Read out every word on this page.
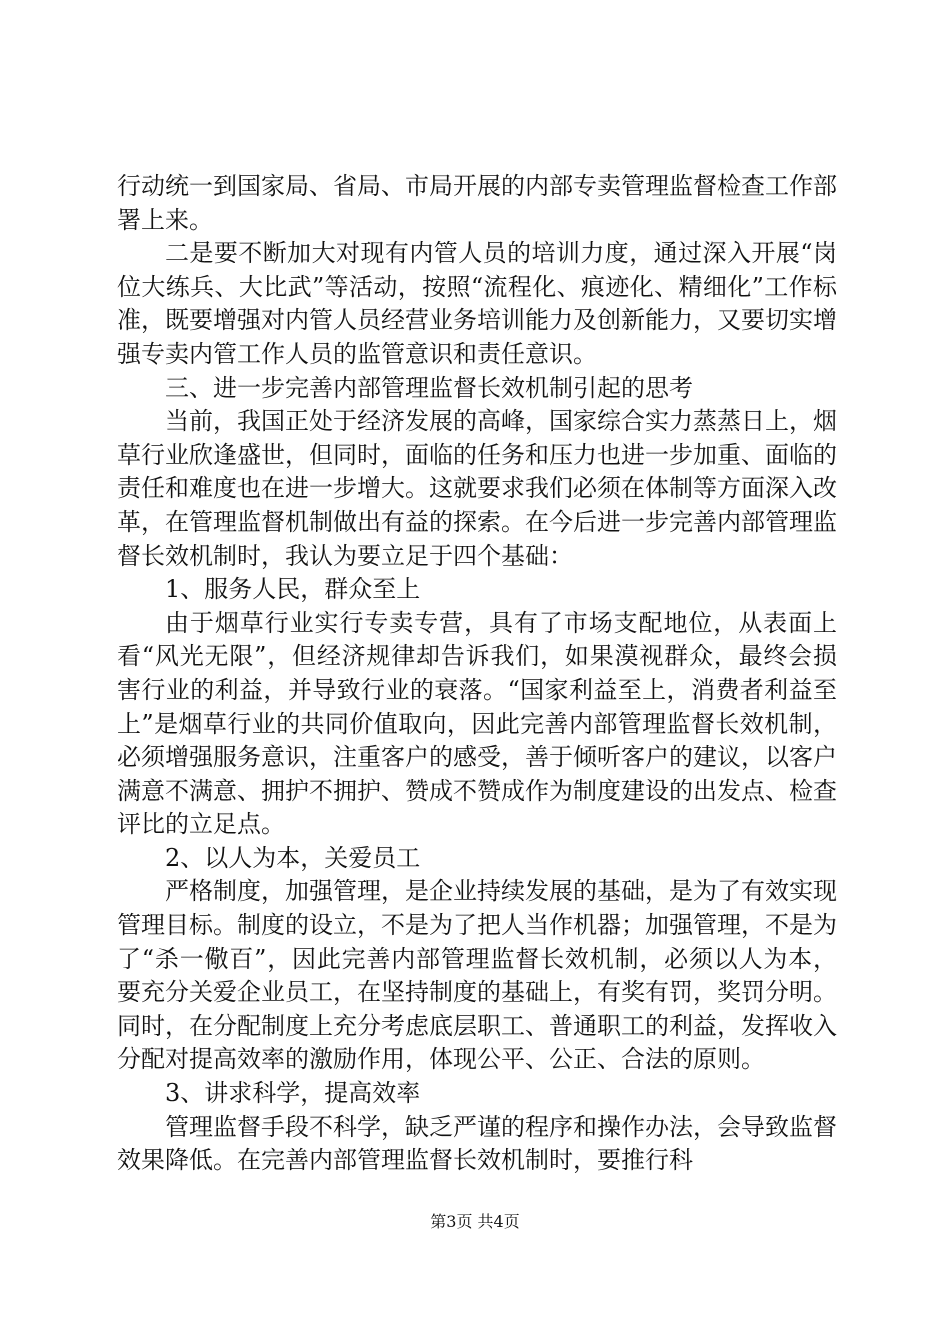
行动统一到国家局、省局、市局开展的内部专卖管理监督检查工作部署上来。

二是要不断加大对现有内管人员的培训力度，通过深入开展“岗位大练兵、大比武”等活动，按照“流程化、痕迹化、精细化”工作标准，既要增强对内管人员经营业务培训能力及创新能力，又要切实增强专卖内管工作人员的监管意识和责任意识。

三、进一步完善内部管理监督长效机制引起的思考

当前，我国正处于经济发展的高峰，国家综合实力蒸蒸日上，烟草行业欣逢盛世，但同时，面临的任务和压力也进一步加重、面临的责任和难度也在进一步增大。这就要求我们必须在体制等方面深入改革，在管理监督机制做出有益的探索。在今后进一步完善内部管理监督长效机制时，我认为要立足于四个基础：

1、服务人民，群众至上

由于烟草行业实行专卖专营，具有了市场支配地位，从表面上看“风光无限”，但经济规律却告诉我们，如果漠视群众，最终会损害行业的利益，并导致行业的衰落。“国家利益至上，消费者利益至上”是烟草行业的共同价值取向，因此完善内部管理监督长效机制，必须增强服务意识，注重客户的感受，善于倾听客户的建议，以客户满意不满意、拥护不拥护、赞成不赞成作为制度建设的出发点、检查评比的立足点。

2、以人为本，关爱员工

严格制度，加强管理，是企业持续发展的基础，是为了有效实现管理目标。制度的设立，不是为了把人当作机器；加强管理，不是为了“杀一儆百”，因此完善内部管理监督长效机制，必须以人为本，要充分关爱企业员工，在坚持制度的基础上，有奖有罚，奖罚分明。同时，在分配制度上充分考虑底层职工、普通职工的利益，发挥收入分配对提高效率的激励作用，体现公平、公正、合法的原则。

3、讲求科学，提高效率

管理监督手段不科学，缺乏严谨的程序和操作办法，会导致监督效果降低。在完善内部管理监督长效机制时，要推行科

第3页 共4页
